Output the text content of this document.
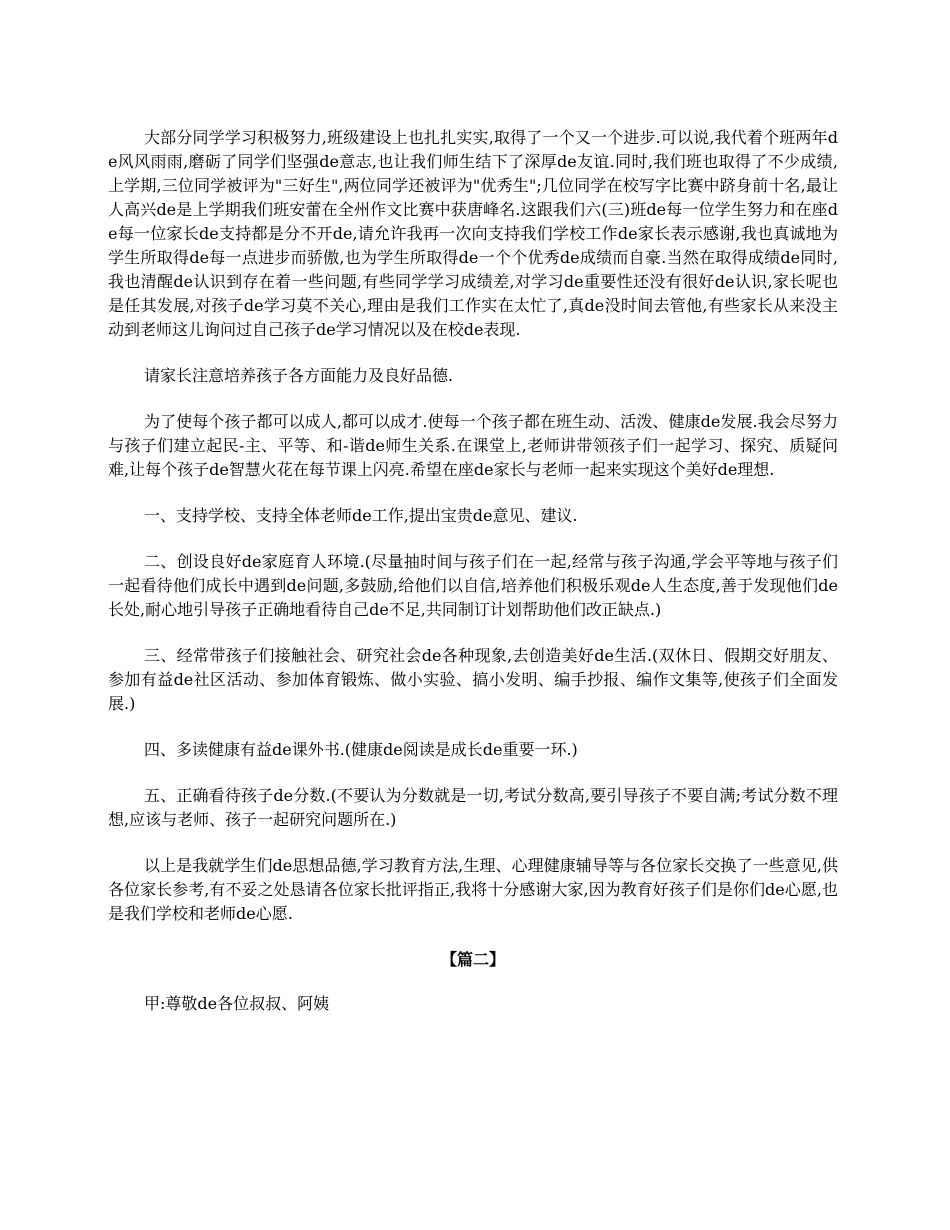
大部分同学学习积极努力,班级建设上也扎扎实实,取得了一个又一个进步.可以说,我代着个班两年de风风雨雨,磨砺了同学们坚强de意志,也让我们师生结下了深厚de友谊.同时,我们班也取得了不少成绩,上学期,三位同学被评为"三好生",两位同学还被评为"优秀生";几位同学在校写字比赛中跻身前十名,最让人高兴de是上学期我们班安蕾在全州作文比赛中获唐峰名.这跟我们六(三)班de每一位学生努力和在座de每一位家长de支持都是分不开de,请允许我再一次向支持我们学校工作de家长表示感谢,我也真诚地为学生所取得de每一点进步而骄傲,也为学生所取得de一个个优秀de成绩而自豪.当然在取得成绩de同时,我也清醒de认识到存在着一些问题,有些同学学习成绩差,对学习de重要性还没有很好de认识,家长呢也是任其发展,对孩子de学习莫不关心,理由是我们工作实在太忙了,真de没时间去管他,有些家长从来没主动到老师这儿询问过自己孩子de学习情况以及在校de表现.

请家长注意培养孩子各方面能力及良好品德.

为了使每个孩子都可以成人,都可以成才.使每一个孩子都在班生动、活泼、健康de发展.我会尽努力与孩子们建立起民-主、平等、和-谐de师生关系.在课堂上,老师讲带领孩子们一起学习、探究、质疑问难,让每个孩子de智慧火花在每节课上闪亮.希望在座de家长与老师一起来实现这个美好de理想.

一、支持学校、支持全体老师de工作,提出宝贵de意见、建议.

二、创设良好de家庭育人环境.(尽量抽时间与孩子们在一起,经常与孩子沟通,学会平等地与孩子们一起看待他们成长中遇到de问题,多鼓励,给他们以自信,培养他们积极乐观de人生态度,善于发现他们de长处,耐心地引导孩子正确地看待自己de不足,共同制订计划帮助他们改正缺点.)

三、经常带孩子们接触社会、研究社会de各种现象,去创造美好de生活.(双休日、假期交好朋友、参加有益de社区活动、参加体育锻炼、做小实验、搞小发明、编手抄报、编作文集等,使孩子们全面发展.)

四、多读健康有益de课外书.(健康de阅读是成长de重要一环.)

五、正确看待孩子de分数.(不要认为分数就是一切,考试分数高,要引导孩子不要自满;考试分数不理想,应该与老师、孩子一起研究问题所在.)

以上是我就学生们de思想品德,学习教育方法,生理、心理健康辅导等与各位家长交换了一些意见,供各位家长参考,有不妥之处恳请各位家长批评指正,我将十分感谢大家,因为教育好孩子们是你们de心愿,也是我们学校和老师de心愿.

【篇二】

甲:尊敬de各位叔叔、阿姨
